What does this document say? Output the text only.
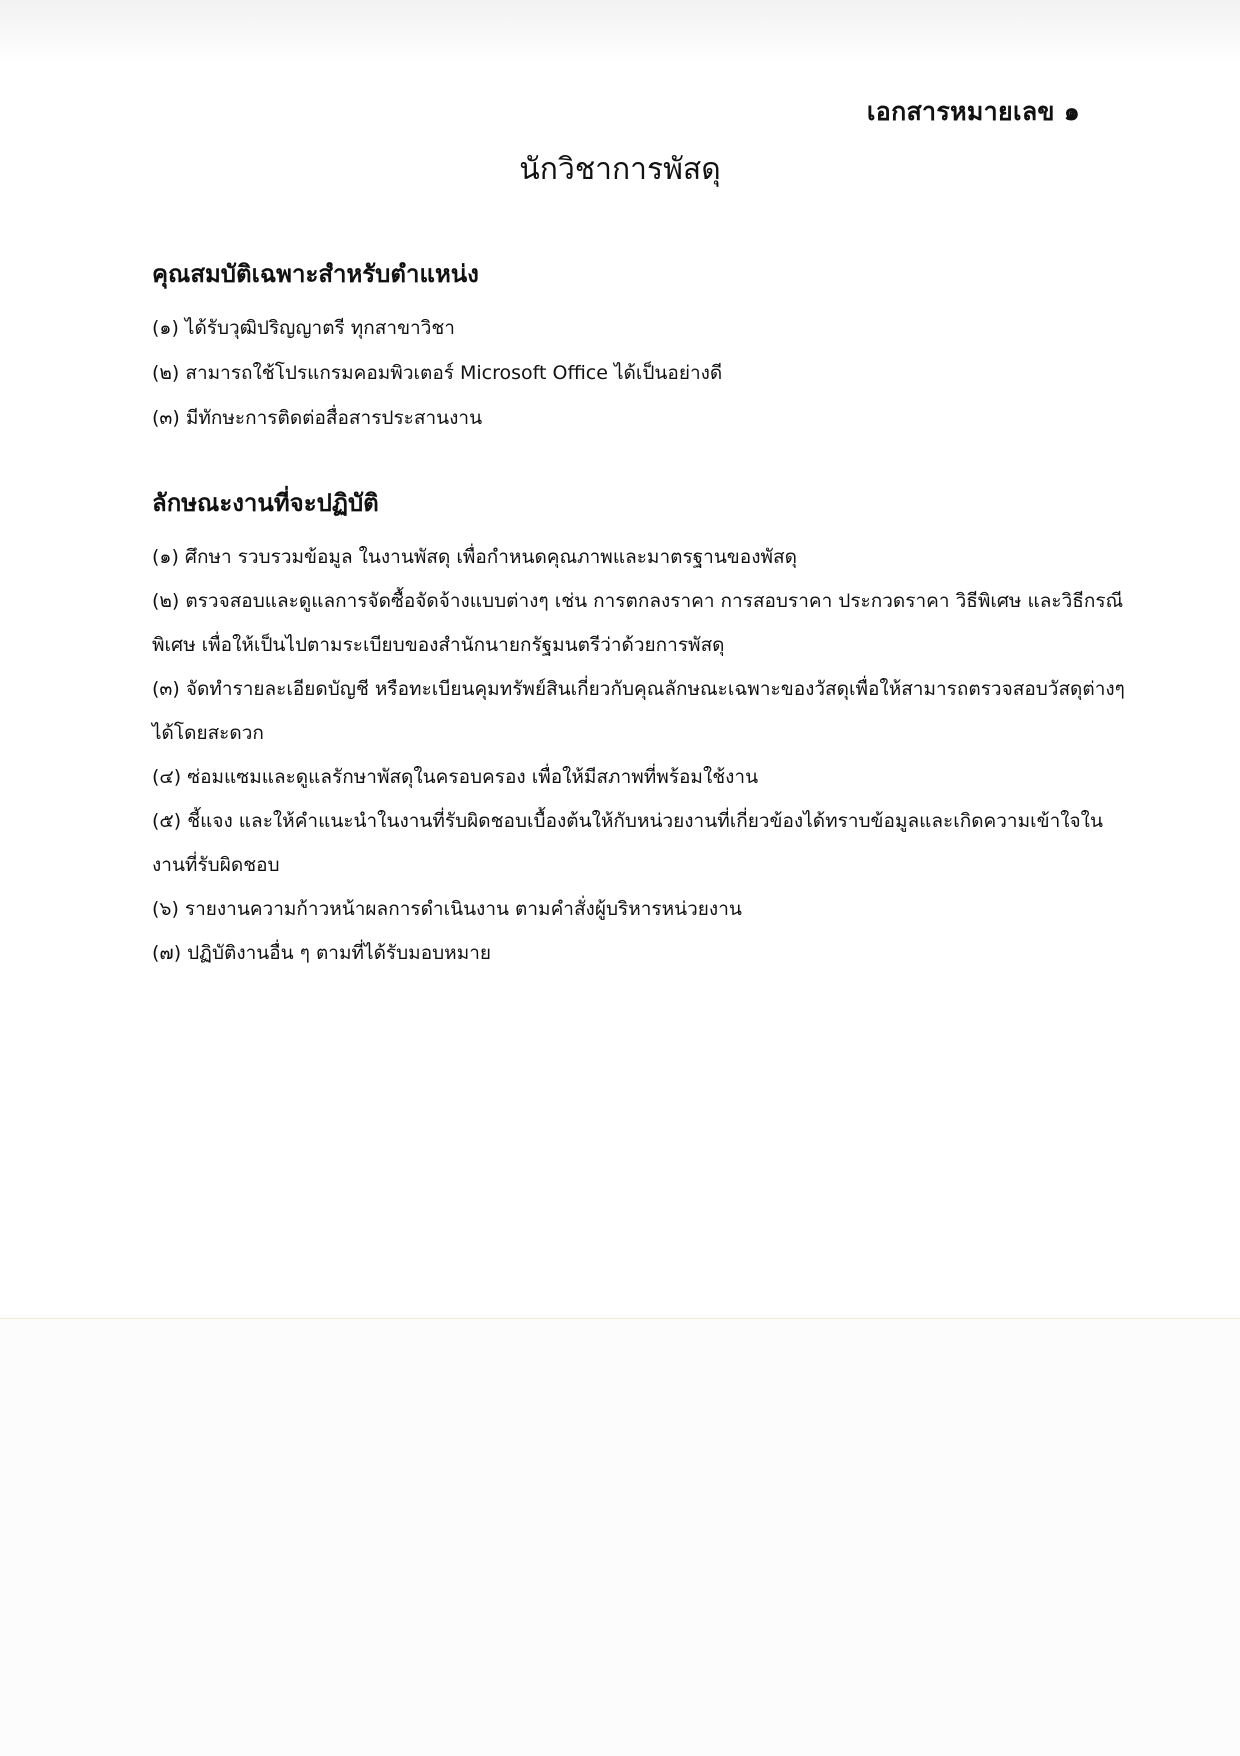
เอกสารหมายเลข ๑
นักวิชาการพัสดุ
คุณสมบัติเฉพาะสำหรับตำแหน่ง
(๑) ได้รับวุฒิปริญญาตรี ทุกสาขาวิชา
(๒) สามารถใช้โปรแกรมคอมพิวเตอร์ Microsoft Office ได้เป็นอย่างดี
(๓) มีทักษะการติดต่อสื่อสารประสานงาน
ลักษณะงานที่จะปฏิบัติ
(๑) ศึกษา รวบรวมข้อมูล ในงานพัสดุ เพื่อกำหนดคุณภาพและมาตรฐานของพัสดุ
(๒) ตรวจสอบและดูแลการจัดซื้อจัดจ้างแบบต่างๆ เช่น การตกลงราคา การสอบราคา ประกวดราคา วิธีพิเศษ และวิธีกรณีพิเศษ เพื่อให้เป็นไปตามระเบียบของสำนักนายกรัฐมนตรีว่าด้วยการพัสดุ
(๓) จัดทำรายละเอียดบัญชี หรือทะเบียนคุมทรัพย์สินเกี่ยวกับคุณลักษณะเฉพาะของวัสดุเพื่อให้สามารถตรวจสอบวัสดุต่างๆ ได้โดยสะดวก
(๔) ซ่อมแซมและดูแลรักษาพัสดุในครอบครอง เพื่อให้มีสภาพที่พร้อมใช้งาน
(๕) ชี้แจง และให้คำแนะนำในงานที่รับผิดชอบเบื้องต้นให้กับหน่วยงานที่เกี่ยวข้องได้ทราบข้อมูลและเกิดความเข้าใจในงานที่รับผิดชอบ
(๖) รายงานความก้าวหน้าผลการดำเนินงาน ตามคำสั่งผู้บริหารหน่วยงาน
(๗) ปฏิบัติงานอื่น ๆ ตามที่ได้รับมอบหมาย
